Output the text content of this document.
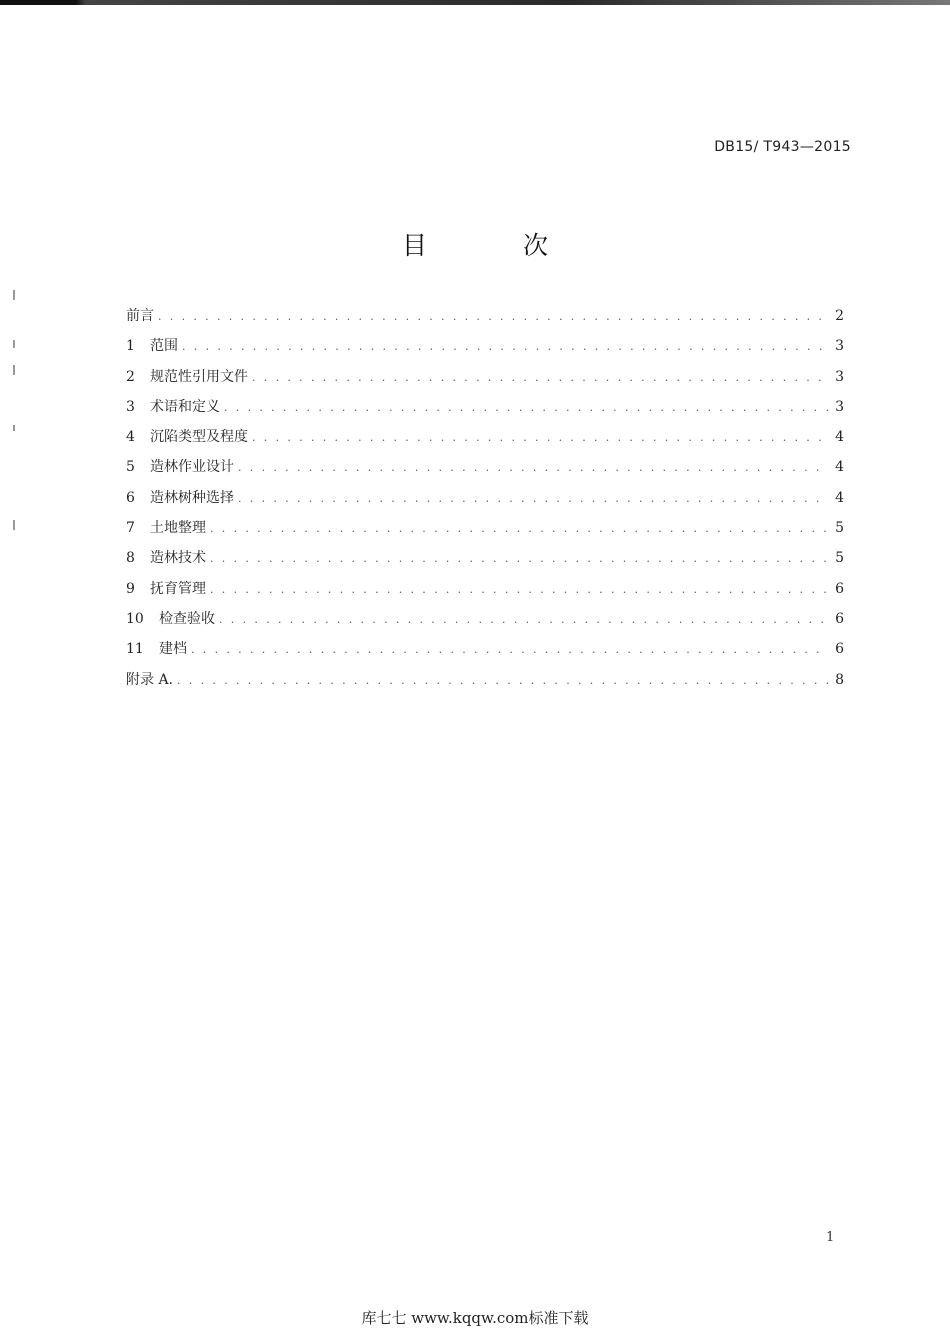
DB15/ T943—2015
目 次
前言 . . .	2
1	范围 . . .	3
2	规范性引用文件 . . .	3
3	术语和定义 . . .	3
4	沉陷类型及程度 . . .	4
5	造林作业设计 . . .	4
6	造林树种选择 . . .	4
7	土地整理 . . .	5
8	造林技术 . . .	5
9	抚育管理 . . .	6
10	检查验收 . . .	6
11	建档 . . .	6
附录 A. . . .	8
1
库七七 www.kqqw.com标准下载
